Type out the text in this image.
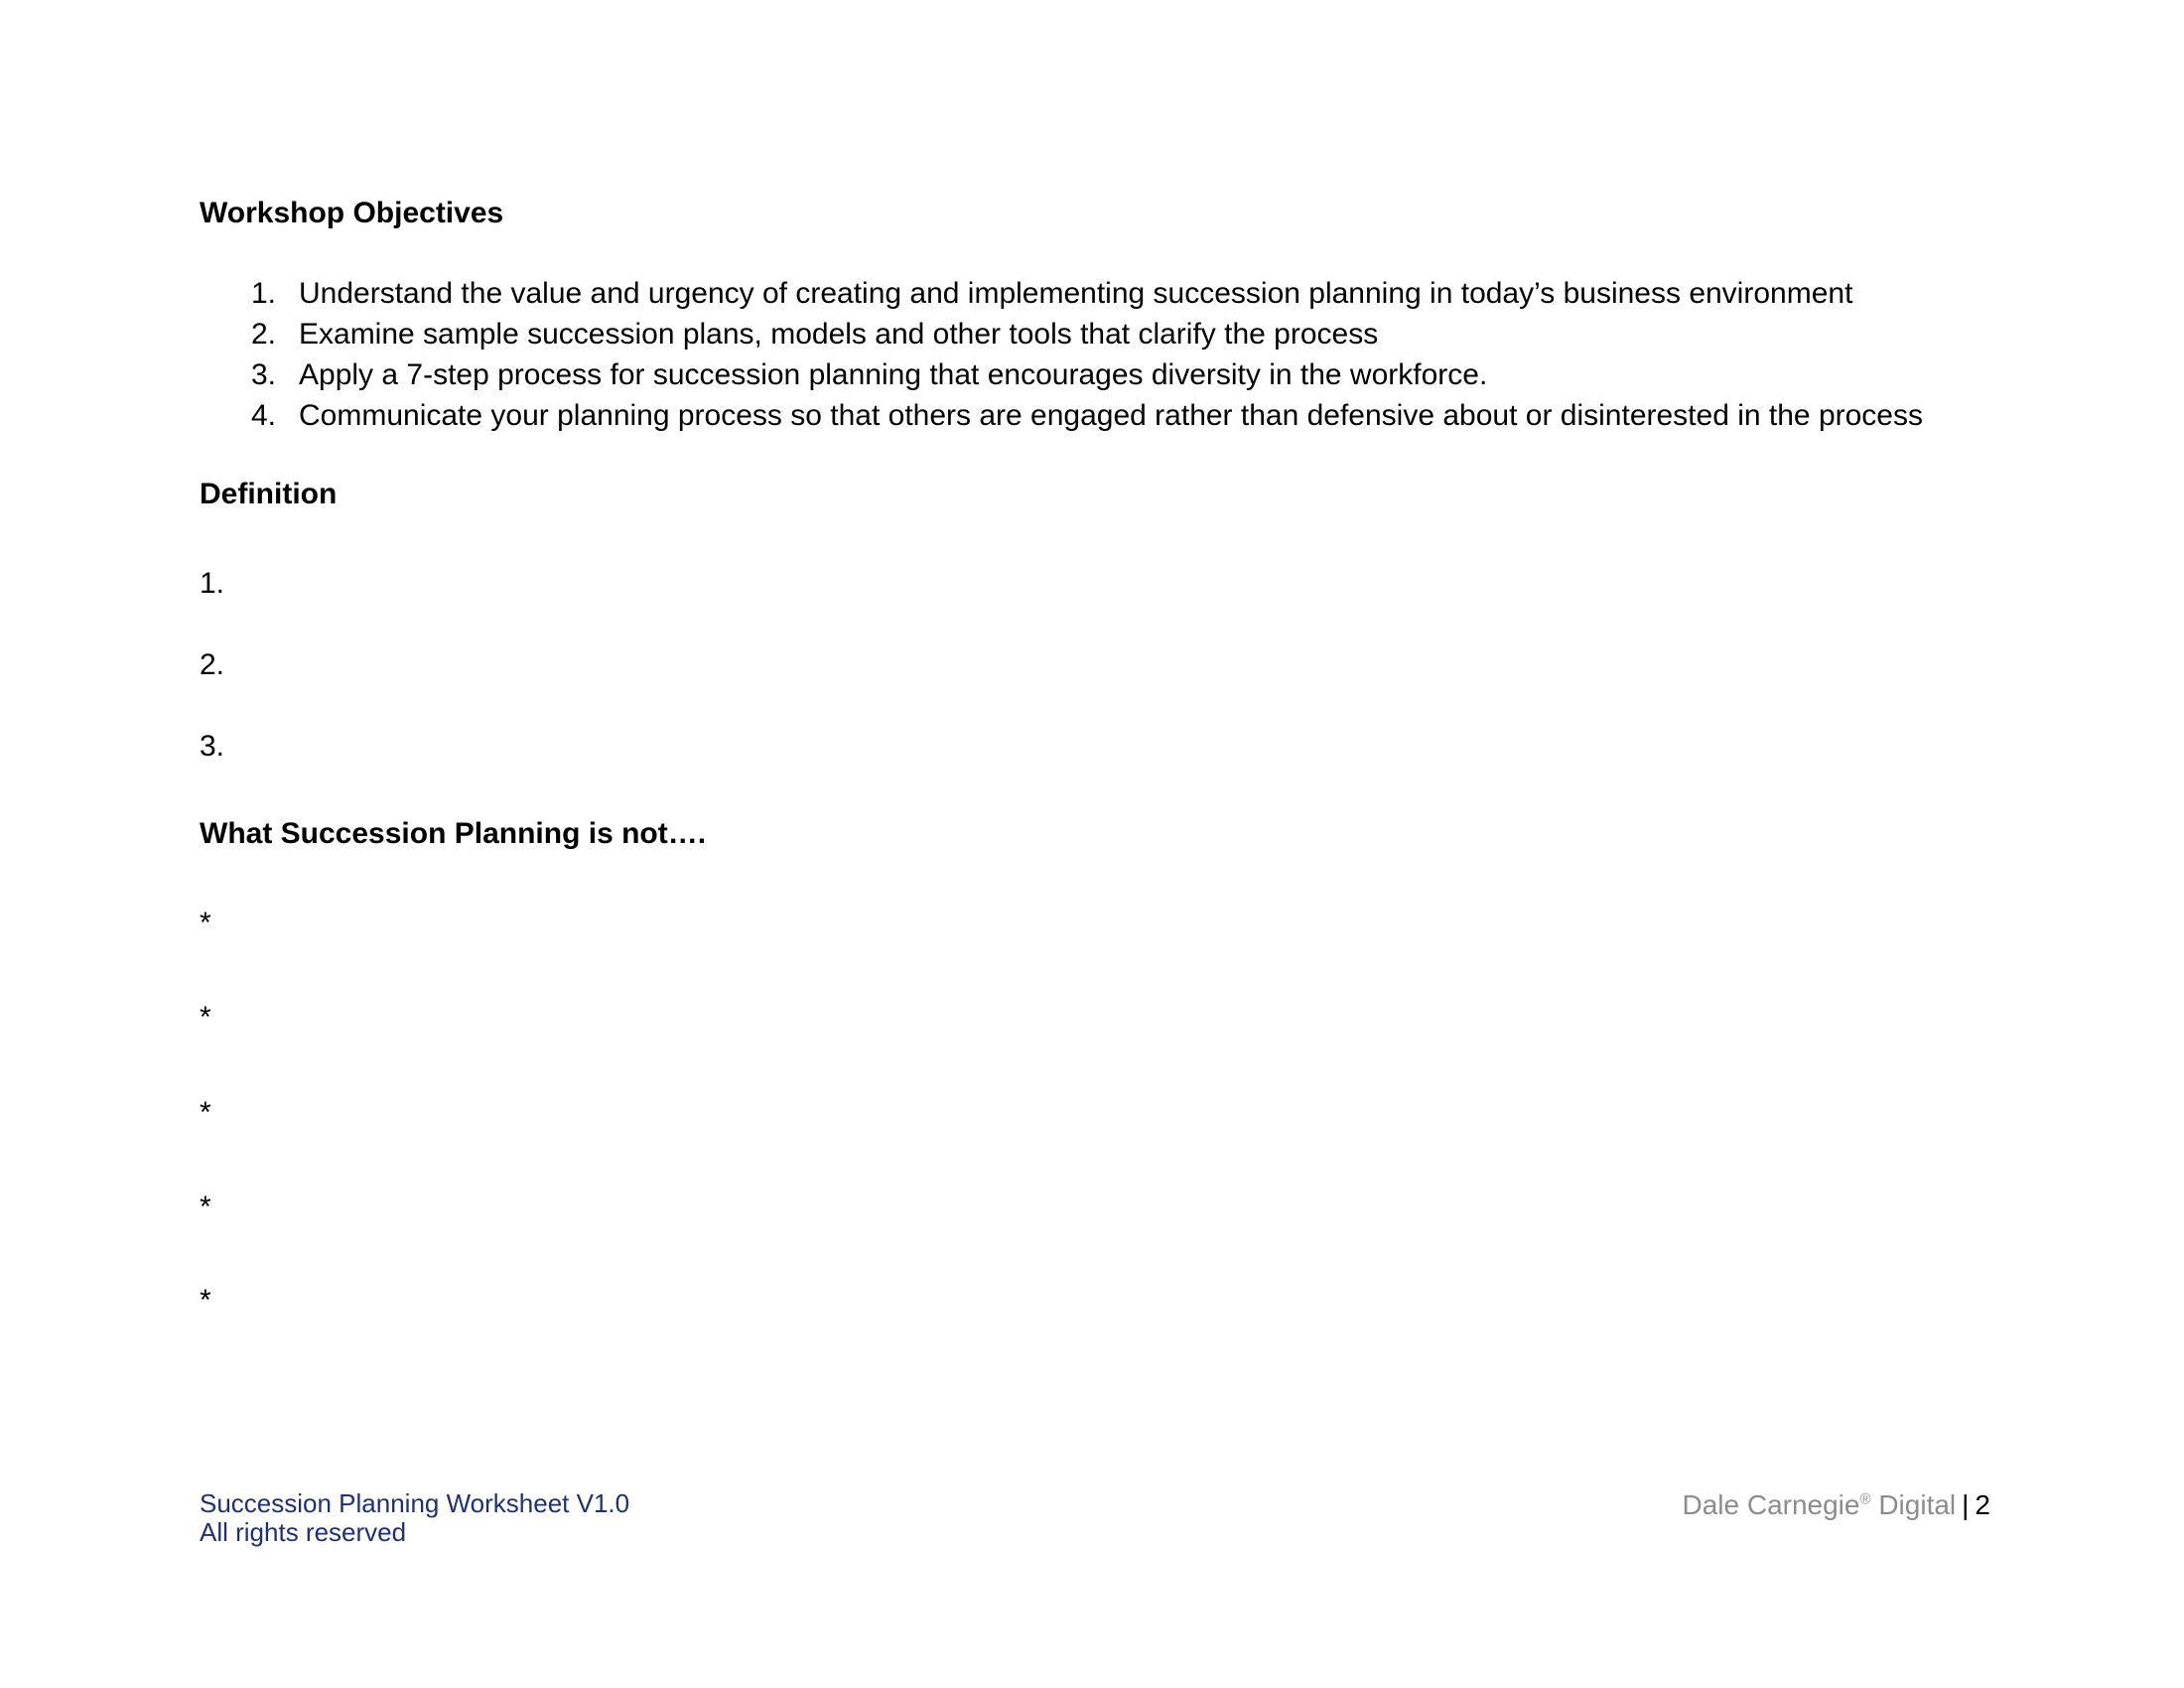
Workshop Objectives
1. Understand the value and urgency of creating and implementing succession planning in today’s business environment
2. Examine sample succession plans, models and other tools that clarify the process
3. Apply a 7-step process for succession planning that encourages diversity in the workforce.
4. Communicate your planning process so that others are engaged rather than defensive about or disinterested in the process
Definition
1.
2.
3.
What Succession Planning is not….
*
*
*
*
*
Succession Planning Worksheet V1.0
All rights reserved
Dale Carnegie® Digital | 2
